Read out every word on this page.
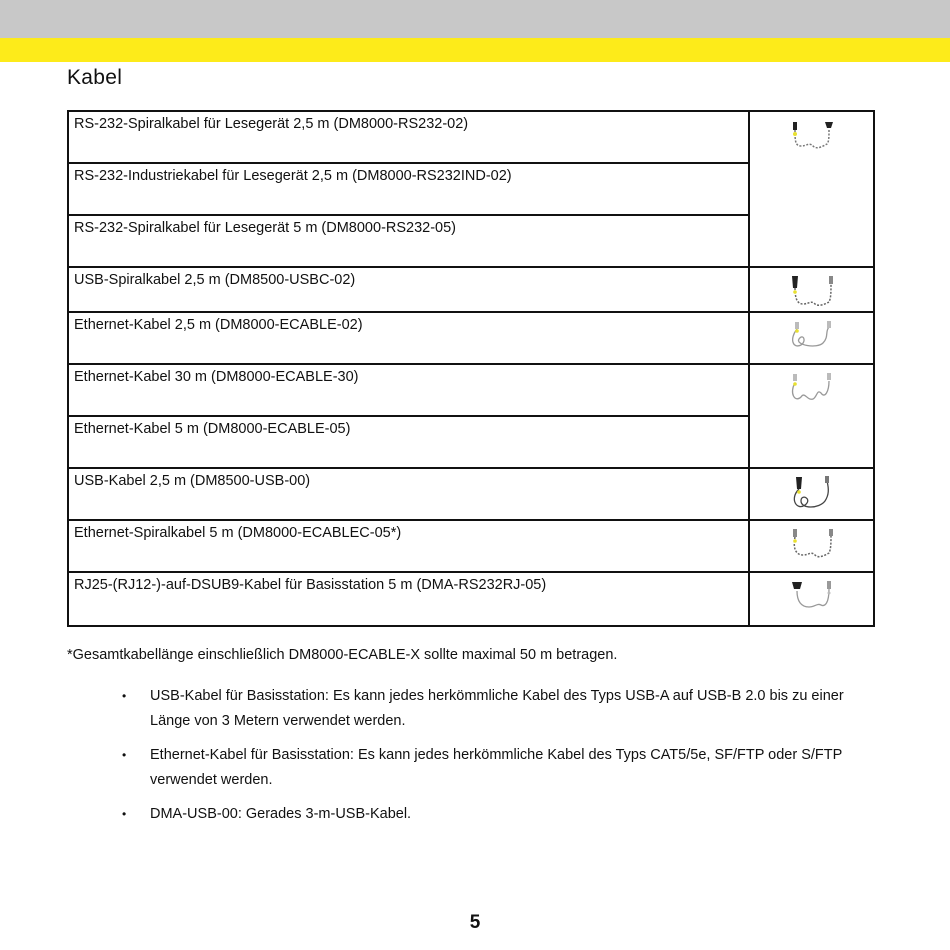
Kabel
RS-232-Spiralkabel für Lesegerät 2,5 m (DM8000-RS232-02)	

RS-232-Industriekabel für Lesegerät 2,5 m (DM8000-RS232IND-02)	
RS-232-Spiralkabel für Lesegerät 5 m (DM8000-RS232-05)	
USB-Spiralkabel 2,5 m (DM8500-USBC-02)	

Ethernet-Kabel 2,5 m (DM8000-ECABLE-02)	

Ethernet-Kabel 30 m (DM8000-ECABLE-30)	

Ethernet-Kabel 5 m (DM8000-ECABLE-05)	
USB-Kabel 2,5 m (DM8500-USB-00)	

Ethernet-Spiralkabel 5 m (DM8000-ECABLEC-05*)	

RJ25-(RJ12-)-auf-DSUB9-Kabel für Basisstation 5 m (DMA-RS232RJ-05)	
*Gesamtkabellänge einschließlich DM8000-ECABLE-X sollte maximal 50 m betragen.
• USB-Kabel für Basisstation: Es kann jedes herkömmliche Kabel des Typs USB-A auf USB-B 2.0 bis zu einer Länge von 3 Metern verwendet werden.
• Ethernet-Kabel für Basisstation: Es kann jedes herkömmliche Kabel des Typs CAT5/5e, SF/FTP oder S/FTP verwendet werden.
• DMA-USB-00: Gerades 3-m-USB-Kabel.
5
